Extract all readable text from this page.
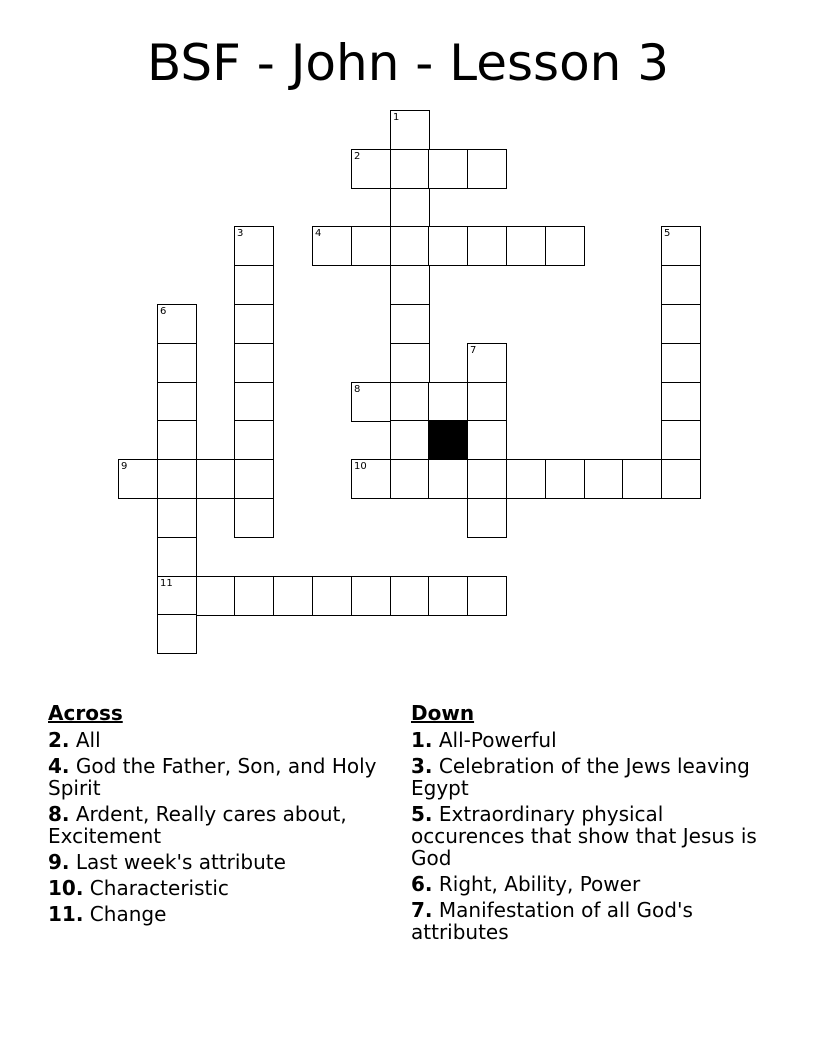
BSF - John - Lesson 3
1
2
3	4	5
6
7
8
9	10
11
Across
2. All
4. God the Father, Son, and Holy Spirit
8. Ardent, Really cares about, Excitement
9. Last week's attribute
10. Characteristic
11. Change
Down
1. All-Powerful
3. Celebration of the Jews leaving Egypt
5. Extraordinary physical occurences that show that Jesus is God
6. Right, Ability, Power
7. Manifestation of all God's attributes
